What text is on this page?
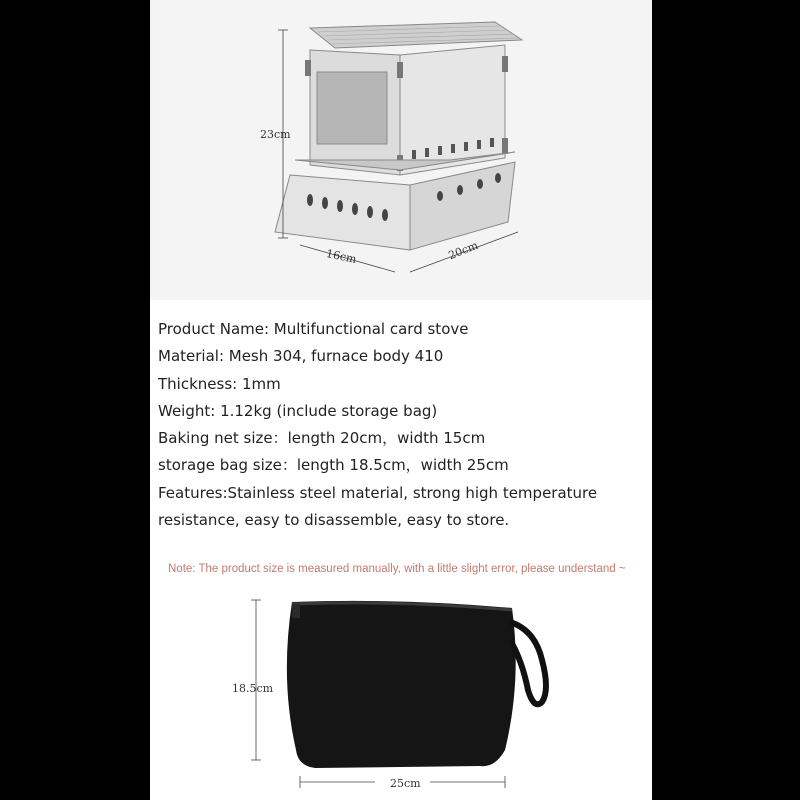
23cm
16cm	20cm
Product Name: Multifunctional card stove
Material: Mesh 304, furnace body 410
Thickness: 1mm
Weight: 1.12kg (include storage bag)
Baking net size：length 20cm，width 15cm
storage bag size：length 18.5cm，width 25cm
Features:Stainless steel material, strong high temperature resistance, easy to disassemble, easy to store.
Note: The product size is measured manually, with a little slight error, please understand ~
18.5cm
25cm
